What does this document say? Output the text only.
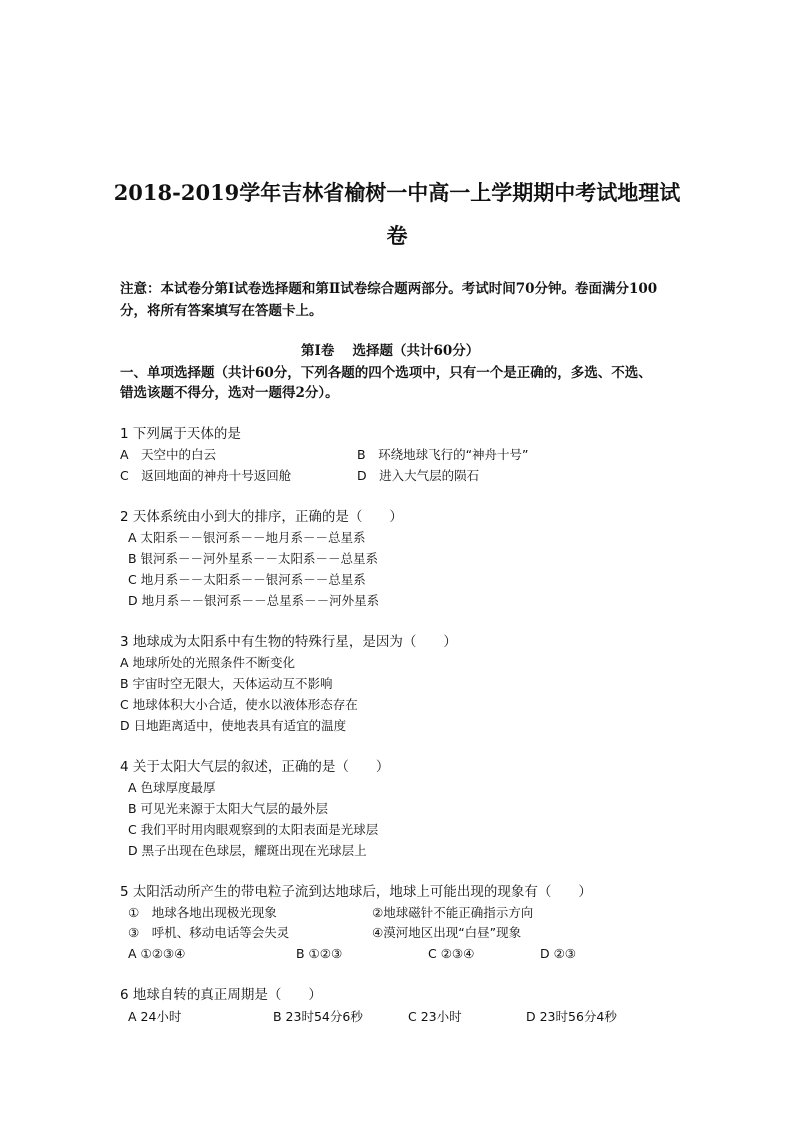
2018-2019学年吉林省榆树一中高一上学期期中考试地理试
卷
注意：本试卷分第Ⅰ试卷选择题和第Ⅱ试卷综合题两部分。考试时间70分钟。卷面满分100
分，将所有答案填写在答题卡上。
第Ⅰ卷　 选择题（共计60分）
一、单项选择题（共计60分，下列各题的四个选项中，只有一个是正确的，多选、不选、
错选该题不得分，选对一题得2分）。
1 下列属于天体的是
A　天空中的白云	B　环绕地球飞行的“神舟十号”
C　返回地面的神舟十号返回舱	D　进入大气层的陨石
2 天体系统由小到大的排序，正确的是（　　）
A 太阳系－－银河系－－地月系－－总星系
B 银河系－－河外星系－－太阳系－－总星系
C 地月系－－太阳系－－银河系－－总星系
D 地月系－－银河系－－总星系－－河外星系
3 地球成为太阳系中有生物的特殊行星，是因为（　　）
A 地球所处的光照条件不断变化
B 宇宙时空无限大，天体运动互不影响
C 地球体积大小合适，使水以液体形态存在
D 日地距离适中，使地表具有适宜的温度
4 关于太阳大气层的叙述，正确的是（　　）
A 色球厚度最厚
B 可见光来源于太阳大气层的最外层
C 我们平时用肉眼观察到的太阳表面是光球层
D 黑子出现在色球层，耀斑出现在光球层上
5 太阳活动所产生的带电粒子流到达地球后，地球上可能出现的现象有（　　）
①　地球各地出现极光现象	②地球磁针不能正确指示方向
③　呼机、移动电话等会失灵	④漠河地区出现“白昼”现象
A ①②③④	B ①②③	C ②③④	D ②③
6 地球自转的真正周期是（　　）
A 24小时	B 23时54分6秒	C 23小时	D 23时56分4秒
